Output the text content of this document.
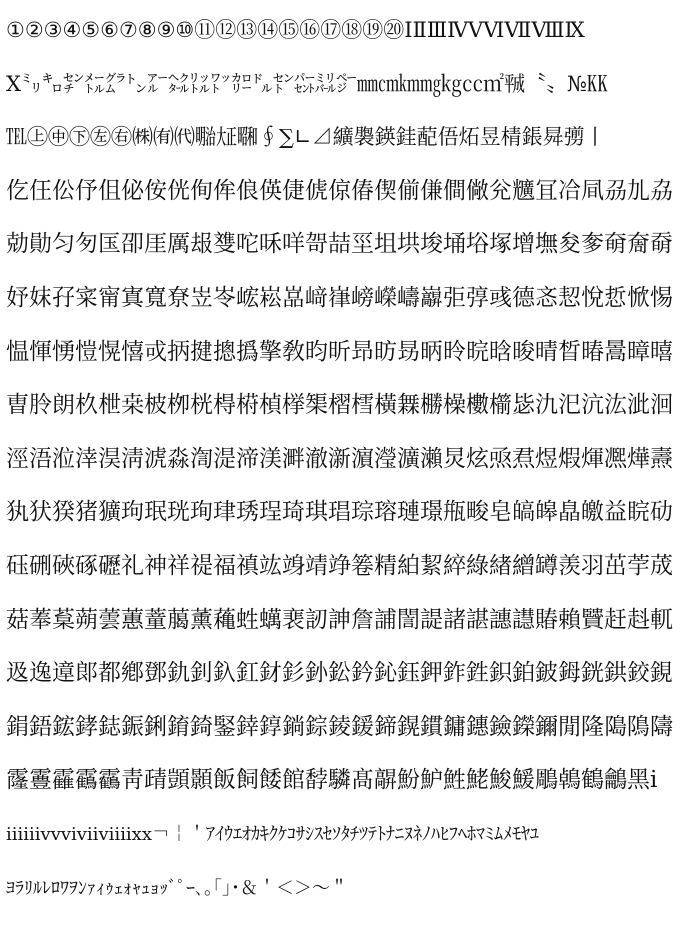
①②③④⑤⑥⑦⑧⑨⑩⑪⑫⑬⑭⑮⑯⑰⑱⑲⑳ⅠⅡⅢⅣⅤⅥⅦⅧⅨ
Ⅹ㍉㌔㌢㍍㌘㌧㌃㌶㍑㍗㌍㌦㌣㌫㍊㌻㎜㎝㎞㎎㎏㏄㎡㍻〝〟№㏍
℡㊤㊥㊦㊧㊨㈱㈲㈹㍾㍽㍼∮∑∟⊿纊褜鍈銈蓜俉炻昱棈鋹曻彅丨
仡仼伀伃伹佖侒侊侚侔俍偀倢俿倞偆偰偂傔僴僘兊兤冝冾凬刕劜劦
勀勛匀匇匤卲厓厲叝﨎咜咊咩哿喆坙坥垬埈埇﨏塚增墲夋奓奛奝奣
妤妺孖寀甯寘寬尞岦岺峵崧嵓﨑嵂嵭嶸嶹巐弡弴彧德忞恝悅悊惞惕
愠惲愑愷愰憘戓抦揵摠撝擎敎昀昕昻昉昮昞昤晥晗晙晴晳暙暠暲暿
曺朎朗杦枻桒柀栁桄棏﨓楨﨔榘槢樰橫橆橳橾櫢櫤毖氿汜沆汯泚洄
涇浯涖涬淏淸淲淼渹湜渧渼溿澈澵濵瀅瀇瀨炅炫焏焄煜煆煇凞燁燾
犱犾猤猪獷玽珉珖珣珒琇珵琦琪琩琮瑢璉璟甁畯皂皜皞皛皦益睆劯
砡硎硤硺礰礼神祥禔福禛竑竧靖竫箞精絈絜綷綠緖繒罇羡羽茁荢荿
菇菶葈蒴蕓蕙蕫﨟薰蘒﨡蠇裵訒訷詹誧誾諟諸諶譓譿賰賴贒赶﨣軏
﨤逸遧郞都鄕鄧釚釗釞釭釮釤釥鈆鈐鈊鈺鉀鈼鉎鉙鉑鈹鉧銧鉷鉸鋧
鋗鋙鋐﨧鋕鋠鋓錥錡鋻﨨錞鋿錝錂鍰鍗鎤鏆鏞鏸鐱鑅鑈閒隆﨩隝隯
霳霻靃靍靏靑靕顗顥飯飼餧館馞驎髙髜魵魲鮏鮱鮻鰀鵰鵫鶴鸙黑ⅰ
ⅱⅲⅳⅴⅵⅶⅷⅸⅹ￢￤＇ｱｲｳｴｵｶｷｸｹｺｻｼｽｾｿﾀﾁﾂﾃﾄﾅﾆﾇﾈﾉﾊﾋﾌﾍﾎﾏﾐﾑﾒﾓﾔﾕ
ﾖﾗﾘﾙﾚﾛﾜｦﾝｧｨｩｪｫｬｭｮｯﾞﾟｰ､｡｢｣･＆＇＜＞～＂
